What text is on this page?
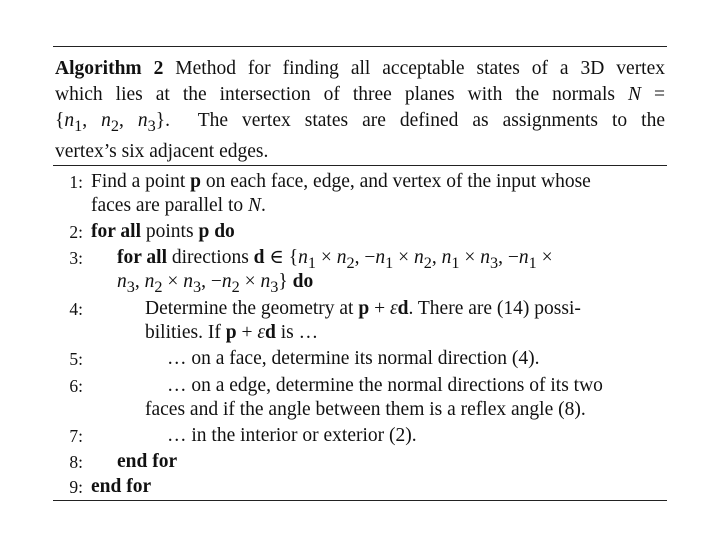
Algorithm 2 Method for finding all acceptable states of a 3D vertex
which lies at the intersection of three planes with the normals N =
{$n_1$, $n_2$, $n_3$}.  The vertex states are defined as assignments to the
vertex’s six adjacent edges.
1: Find a point p on each face, edge, and vertex of the input whose
faces are parallel to N.
2: for all points p do
3: for all directions d ∈ {$n_1 \times n_2$, $-n_1 \times n_2$, $n_1 \times n_3$, $-n_1$ ×
$n_3$, $n_2 \times n_3$, $-n_2 \times n_3$} do
4:	Determine the geometry at p + εd. There are (14) possi-
bilities. If p + εd is …
5:	… on a face, determine its normal direction (4).
6:	… on a edge, determine the normal directions of its two
faces and if the angle between them is a reflex angle (8).
7:	… in the interior or exterior (2).
8: end for
9: end for
